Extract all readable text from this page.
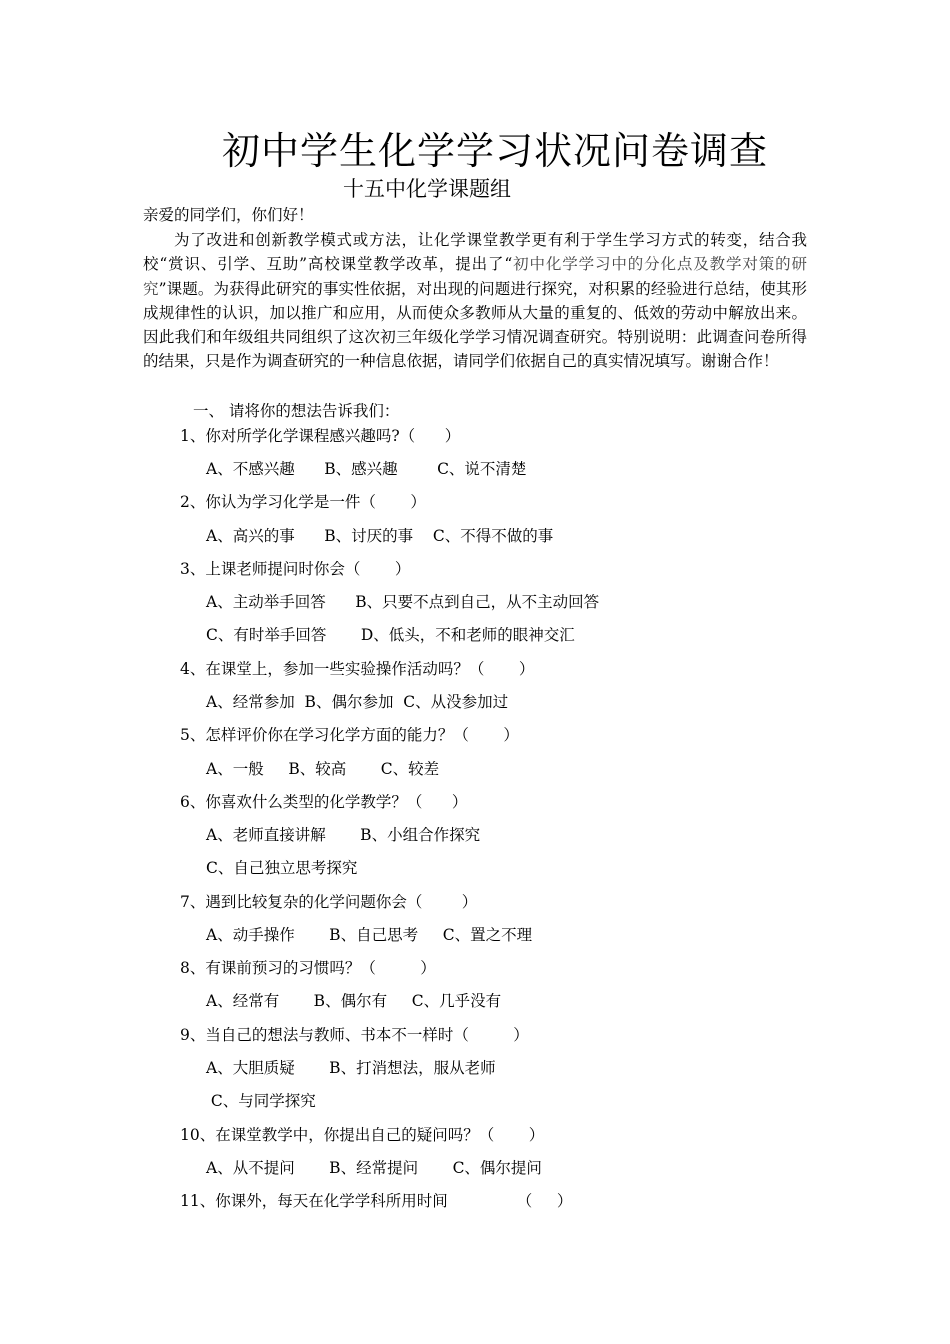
初中学生化学学习状况问卷调查
十五中化学课题组
亲爱的同学们，你们好！

为了改进和创新教学模式或方法，让化学课堂教学更有利于学生学习方式的转变，结合我校“赏识、引学、互助”高校课堂教学改革，提出了“初中化学学习中的分化点及教学对策的研究”课题。为获得此研究的事实性依据，对出现的问题进行探究，对积累的经验进行总结，使其形成规律性的认识，加以推广和应用，从而使众多教师从大量的重复的、低效的劳动中解放出来。因此我们和年级组共同组织了这次初三年级化学学习情况调查研究。特别说明：此调查问卷所得的结果，只是作为调查研究的一种信息依据，请同学们依据自己的真实情况填写。谢谢合作！

一、 请将你的想法告诉我们：
1、你对所学化学课程感兴趣吗?（      ）
A、不感兴趣      B、感兴趣        C、说不清楚
2、你认为学习化学是一件（       ）
A、高兴的事      B、讨厌的事    C、不得不做的事
3、上课老师提问时你会（       ）
A、主动举手回答      B、只要不点到自己，从不主动回答
C、有时举手回答       D、低头，不和老师的眼神交汇
4、在课堂上，参加一些实验操作活动吗？（       ）
A、经常参加  B、偶尔参加  C、从没参加过
5、怎样评价你在学习化学方面的能力？（       ）
A、一般     B、较高       C、较差
6、你喜欢什么类型的化学教学？（      ）
A、老师直接讲解       B、小组合作探究
C、自己独立思考探究
7、遇到比较复杂的化学问题你会（        ）
A、动手操作       B、自己思考     C、置之不理
8、有课前预习的习惯吗？（         ）
A、经常有       B、偶尔有     C、几乎没有
9、当自己的想法与教师、书本不一样时（         ）
A、大胆质疑       B、打消想法，服从老师
C、与同学探究
10、在课堂教学中，你提出自己的疑问吗？（       ）
A、从不提问       B、经常提问       C、偶尔提问
11、你课外，每天在化学学科所用时间              （     ）
